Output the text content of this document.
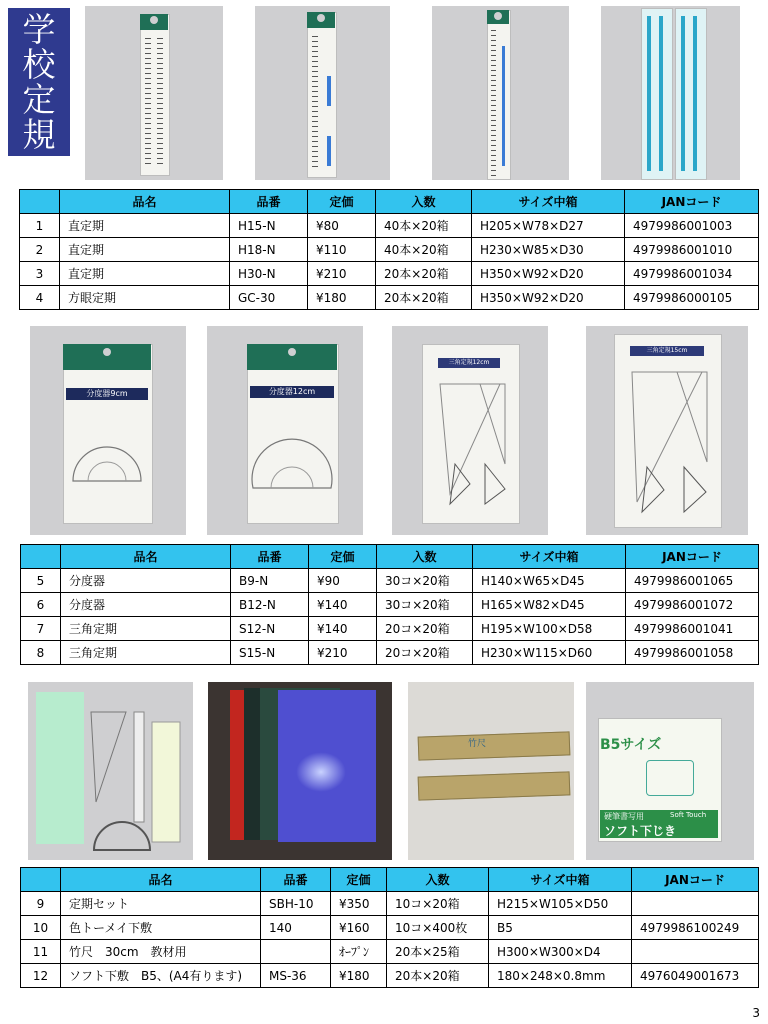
学
校
定
規
	品名	品番	定価	入数	サイズ中箱	JANコード
1	直定期	H15-N	¥80	40本×20箱	H205×W78×D27	4979986001003
2	直定期	H18-N	¥110	40本×20箱	H230×W85×D30	4979986001010
3	直定期	H30-N	¥210	20本×20箱	H350×W92×D20	4979986001034
4	方眼定期	GC-30	¥180	20本×20箱	H350×W92×D20	4979986000105
分度器9cm	分度器12cm
三角定規12cm
三角定規15cm
	品名	品番	定価	入数	サイズ中箱	JANコード
5	分度器	B9-N	¥90	30コ×20箱	H140×W65×D45	4979986001065
6	分度器	B12-N	¥140	30コ×20箱	H165×W82×D45	4979986001072
7	三角定期	S12-N	¥140	20コ×20箱	H195×W100×D58	4979986001041
8	三角定期	S15-N	¥210	20コ×20箱	H230×W115×D60	4979986001058
竹尺	B5サイズ
硬筆書写用	Soft Touch
ソフト下じき
	品名	品番	定価	入数	サイズ中箱	JANコード
9	定期セット	SBH-10	¥350	10コ×20箱	H215×W105×D50	
10	色トーメイ下敷	140	¥160	10コ×400枚	B5	4979986100249
11	竹尺　30cm　教材用		ｵｰﾌﾟﾝ	20本×25箱	H300×W300×D4	
12	ソフト下敷　B5、(A4有ります)	MS-36	¥180	20本×20箱	180×248×0.8mm	4976049001673
3
